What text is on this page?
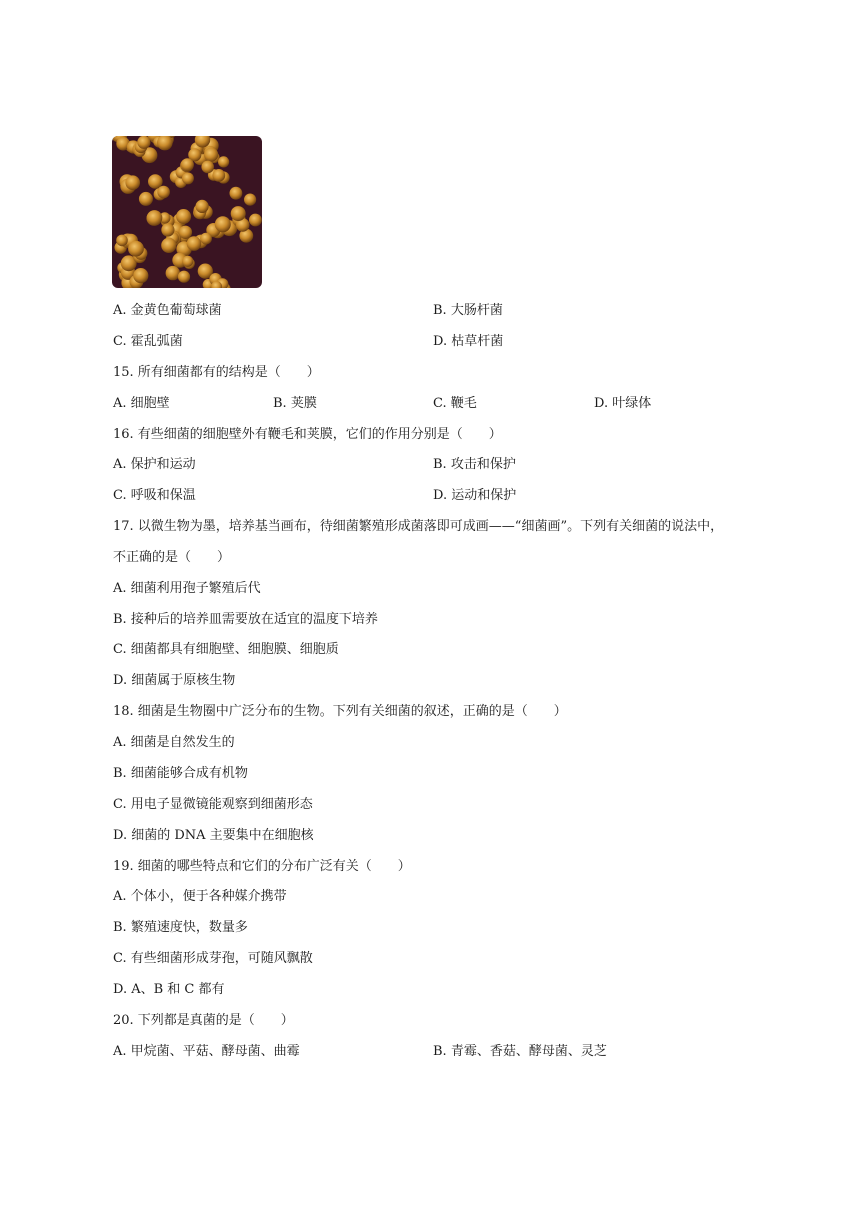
A. 金黄色葡萄球菌	B. 大肠杆菌
C. 霍乱弧菌	D. 枯草杆菌
15. 所有细菌都有的结构是（　　）
A. 细胞壁	B. 荚膜	C. 鞭毛	D. 叶绿体
16. 有些细菌的细胞壁外有鞭毛和荚膜，它们的作用分别是（　　）
A. 保护和运动	B. 攻击和保护
C. 呼吸和保温	D. 运动和保护
17. 以微生物为墨，培养基当画布，待细菌繁殖形成菌落即可成画——“细菌画”。下列有关细菌的说法中，
不正确的是（　　）
A. 细菌利用孢子繁殖后代
B. 接种后的培养皿需要放在适宜的温度下培养
C. 细菌都具有细胞壁、细胞膜、细胞质
D. 细菌属于原核生物
18. 细菌是生物圈中广泛分布的生物。下列有关细菌的叙述，正确的是（　　）
A. 细菌是自然发生的
B. 细菌能够合成有机物
C. 用电子显微镜能观察到细菌形态
D. 细菌的 DNA 主要集中在细胞核
19. 细菌的哪些特点和它们的分布广泛有关（　　）
A. 个体小，便于各种媒介携带
B. 繁殖速度快，数量多
C. 有些细菌形成芽孢，可随风飘散
D. A、B 和 C 都有
20. 下列都是真菌的是（　　）
A. 甲烷菌、平菇、酵母菌、曲霉	B. 青霉、香菇、酵母菌、灵芝
